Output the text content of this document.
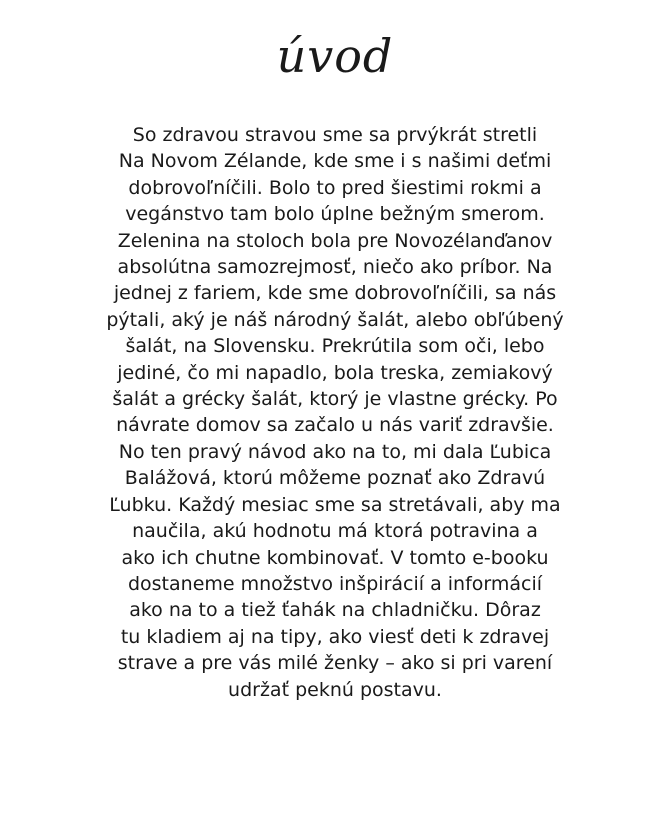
úvod
So zdravou stravou sme sa prvýkrát stretli
Na Novom Zélande, kde sme i s našimi deťmi
dobrovoľníčili. Bolo to pred šiestimi rokmi a
vegánstvo tam bolo úplne bežným smerom.
Zelenina na stoloch bola pre Novozélanďanov
absolútna samozrejmosť, niečo ako príbor. Na
jednej z fariem, kde sme dobrovoľníčili, sa nás
pýtali, aký je náš národný šalát, alebo obľúbený
šalát, na Slovensku. Prekrútila som oči, lebo
jediné, čo mi napadlo, bola treska, zemiakový
šalát a grécky šalát, ktorý je vlastne grécky. Po
návrate domov sa začalo u nás variť zdravšie.
No ten pravý návod ako na to, mi dala Ľubica
Balážová, ktorú môžeme poznať ako Zdravú
Ľubku. Každý mesiac sme sa stretávali, aby ma
naučila, akú hodnotu má ktorá potravina a
ako ich chutne kombinovať. V tomto e-booku
dostaneme množstvo inšpirácií a informácií
ako na to a tiež ťahák na chladničku. Dôraz
tu kladiem aj na tipy, ako viesť deti k zdravej
strave a pre vás milé ženky – ako si pri varení
udržať peknú postavu.
